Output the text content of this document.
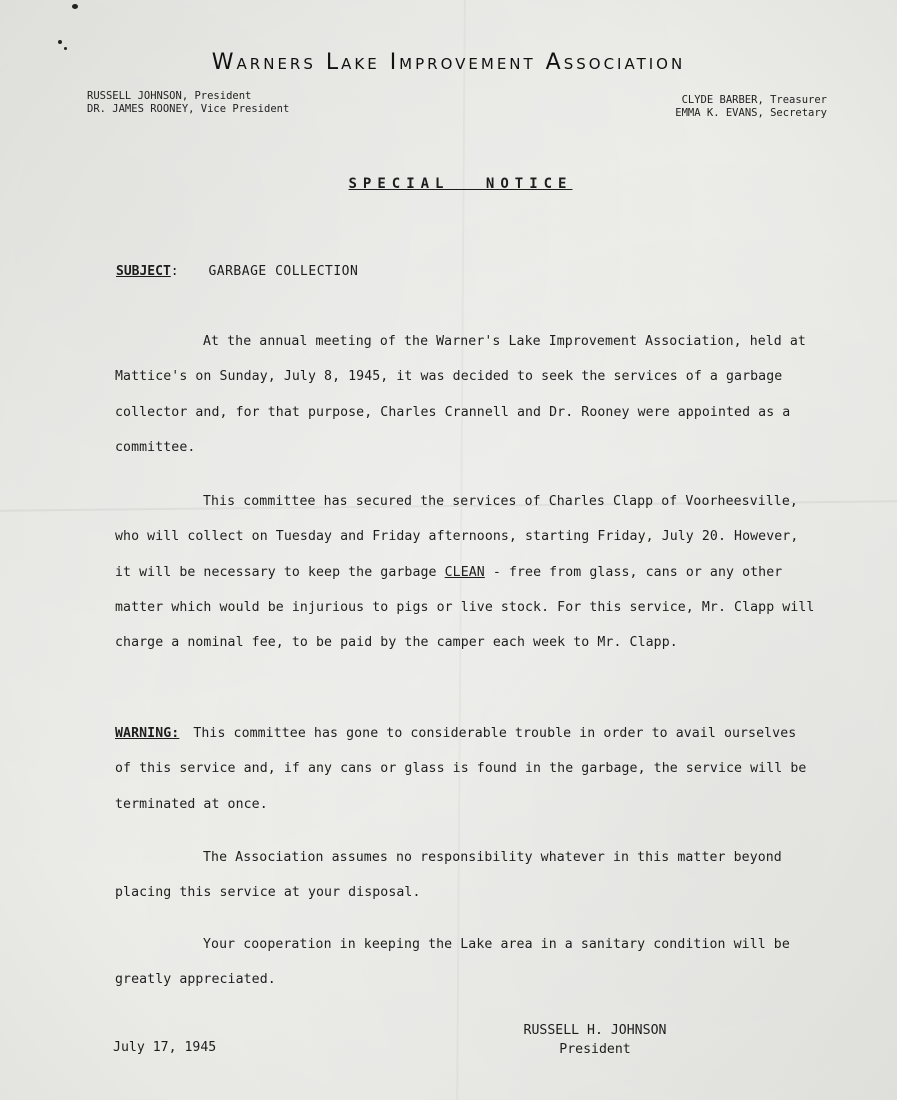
Warners Lake Improvement Association
RUSSELL JOHNSON, President
DR. JAMES ROONEY, Vice President
CLYDE BARBER, Treasurer
EMMA K. EVANS, Secretary
SPECIAL NOTICE
SUBJECT: GARBAGE COLLECTION
At the annual meeting of the Warner's Lake Improvement Association, held at Mattice's on Sunday, July 8, 1945, it was decided to seek the services of a garbage collector and, for that purpose, Charles Crannell and Dr. Rooney were appointed as a committee.
This committee has secured the services of Charles Clapp of Voorheesville, who will collect on Tuesday and Friday afternoons, starting Friday, July 20. However, it will be necessary to keep the garbage CLEAN - free from glass, cans or any other matter which would be injurious to pigs or live stock. For this service, Mr. Clapp will charge a nominal fee, to be paid by the camper each week to Mr. Clapp.
WARNING: This committee has gone to considerable trouble in order to avail ourselves of this service and, if any cans or glass is found in the garbage, the service will be terminated at once.
The Association assumes no responsibility whatever in this matter beyond placing this service at your disposal.
Your cooperation in keeping the Lake area in a sanitary condition will be greatly appreciated.
July 17, 1945
RUSSELL H. JOHNSON
President
